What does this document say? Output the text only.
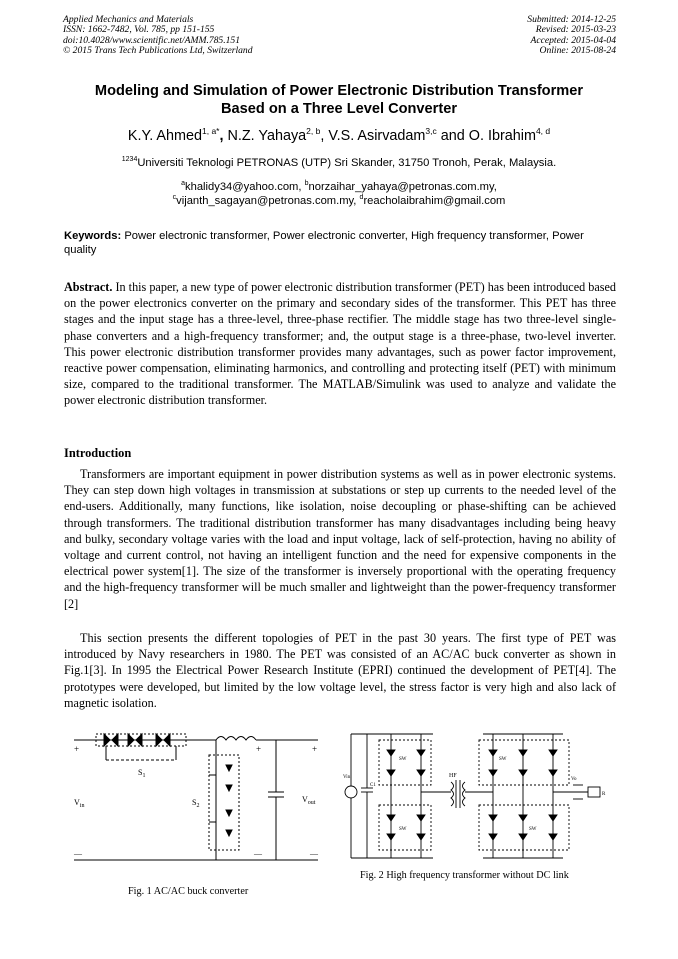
Applied Mechanics and Materials
ISSN: 1662-7482, Vol. 785, pp 151-155
doi:10.4028/www.scientific.net/AMM.785.151
© 2015 Trans Tech Publications Ltd, Switzerland
Submitted: 2014-12-25
Revised: 2015-03-23
Accepted: 2015-04-04
Online: 2015-08-24
Modeling and Simulation of Power Electronic Distribution Transformer
Based on a Three Level Converter
K.Y. Ahmed$^{1, a*}$, N.Z. Yahaya$^{2, b}$, V.S. Asirvadam$^{3,c}$ and O. Ibrahim$^{4, d}$
$^{1234}$Universiti Teknologi PETRONAS (UTP) Sri Skander, 31750 Tronoh, Perak, Malaysia.
$^a$khalidy34@yahoo.com, $^b$norzaihar_yahaya@petronas.com.my,
$^c$vijanth_sagayan@petronas.com.my, $^d$reacholaibrahim@gmail.com
Keywords: Power electronic transformer, Power electronic converter, High frequency transformer, Power quality
Abstract. In this paper, a new type of power electronic distribution transformer (PET) has been introduced based on the power electronics converter on the primary and secondary sides of the transformer. This PET has three stages and the input stage has a three-level, three-phase rectifier. The middle stage has two three-level single-phase converters and a high-frequency transformer; and, the output stage is a three-phase, two-level inverter. This power electronic distribution transformer provides many advantages, such as power factor improvement, reactive power compensation, eliminating harmonics, and controlling and protecting itself (PET) with minimum size, compared to the traditional transformer. The MATLAB/Simulink was used to analyze and validate the power electronic distribution transformer.
Introduction
Transformers are important equipment in power distribution systems as well as in power electronic systems. They can step down high voltages in transmission at substations or step up currents to the needed level of the end-users. Additionally, many functions, like isolation, noise decoupling or phase-shifting can be achieved through transformers. The traditional distribution transformer has many disadvantages including being heavy and bulky, secondary voltage varies with the load and input voltage, lack of self-protection, having no ability of voltage and current control, not having an intelligent function and the need for expensive components in the electrical power system[1]. The size of the transformer is inversely proportional with the operating frequency and the high-frequency transformer will be much smaller and lightweight than the power-frequency transformer [2]
This section presents the different topologies of PET in the past 30 years. The first type of PET was introduced by Navy researchers in 1980. The PET was consisted of an AC/AC buck converter as shown in Fig.1[3]. In 1995 the Electrical Power Research Institute (EPRI) continued the development of PET[4]. The prototypes were developed, but limited by the low voltage level, the stress factor is very high and also lack of magnetic isolation.
+	+	+
—	—	—
$S_1$
$S_2$
$V_{in}$
$V_{out}$
Fig. 1 AC/AC buck converter
HF
SW	SW
SW	SW
Vin
C1
Vo
R
Fig. 2 High frequency transformer without DC link
